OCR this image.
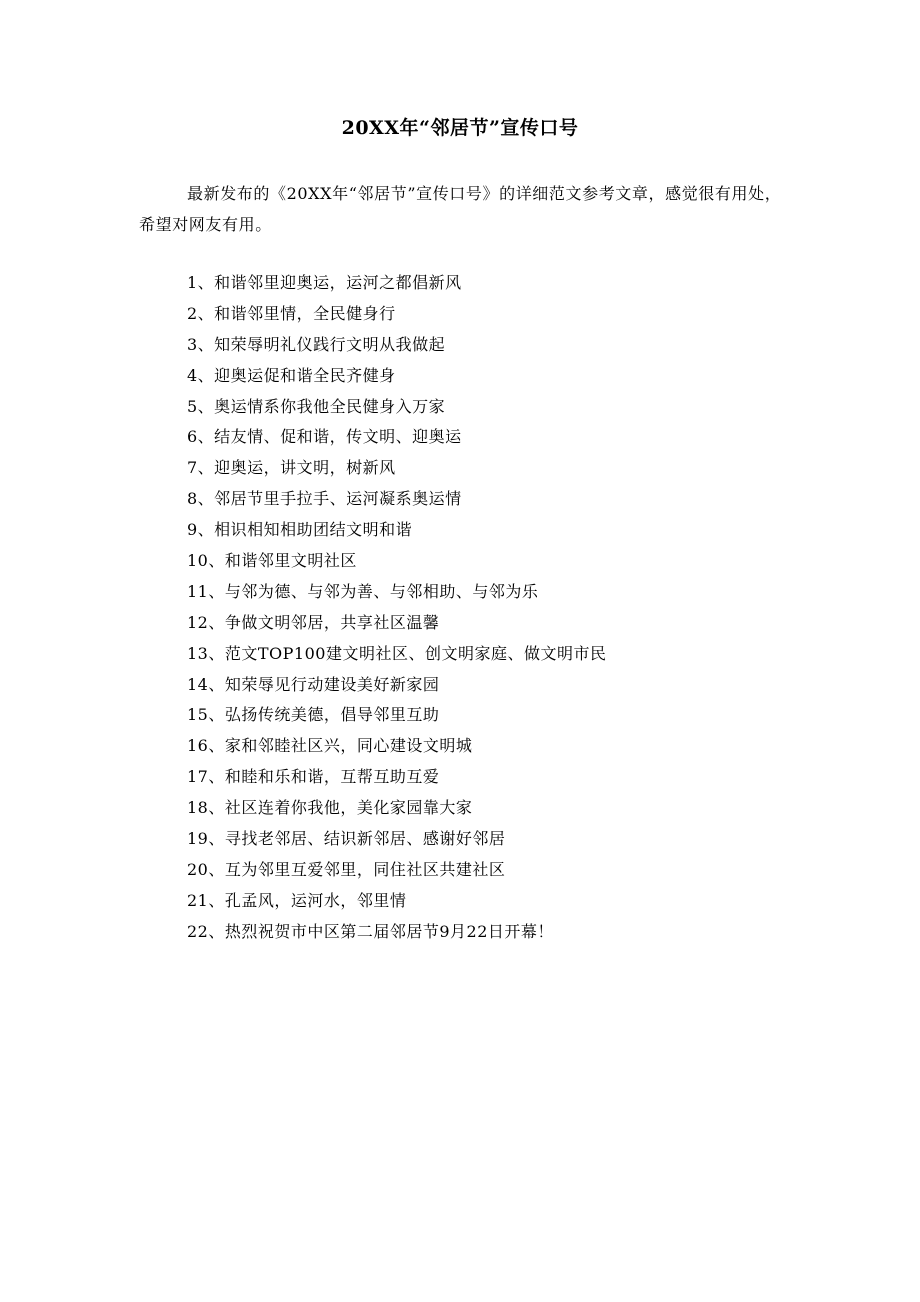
20XX年“邻居节”宣传口号

最新发布的《20XX年“邻居节”宣传口号》的详细范文参考文章，感觉很有用处，希望对网友有用。

1、和谐邻里迎奥运，运河之都倡新风
2、和谐邻里情，全民健身行
3、知荣辱明礼仪践行文明从我做起
4、迎奥运促和谐全民齐健身
5、奥运情系你我他全民健身入万家
6、结友情、促和谐，传文明、迎奥运
7、迎奥运，讲文明，树新风
8、邻居节里手拉手、运河凝系奥运情
9、相识相知相助团结文明和谐
10、和谐邻里文明社区
11、与邻为德、与邻为善、与邻相助、与邻为乐
12、争做文明邻居，共享社区温馨
13、范文TOP100建文明社区、创文明家庭、做文明市民
14、知荣辱见行动建设美好新家园
15、弘扬传统美德，倡导邻里互助
16、家和邻睦社区兴，同心建设文明城
17、和睦和乐和谐，互帮互助互爱
18、社区连着你我他，美化家园靠大家
19、寻找老邻居、结识新邻居、感谢好邻居
20、互为邻里互爱邻里，同住社区共建社区
21、孔孟风，运河水，邻里情
22、热烈祝贺市中区第二届邻居节9月22日开幕！
